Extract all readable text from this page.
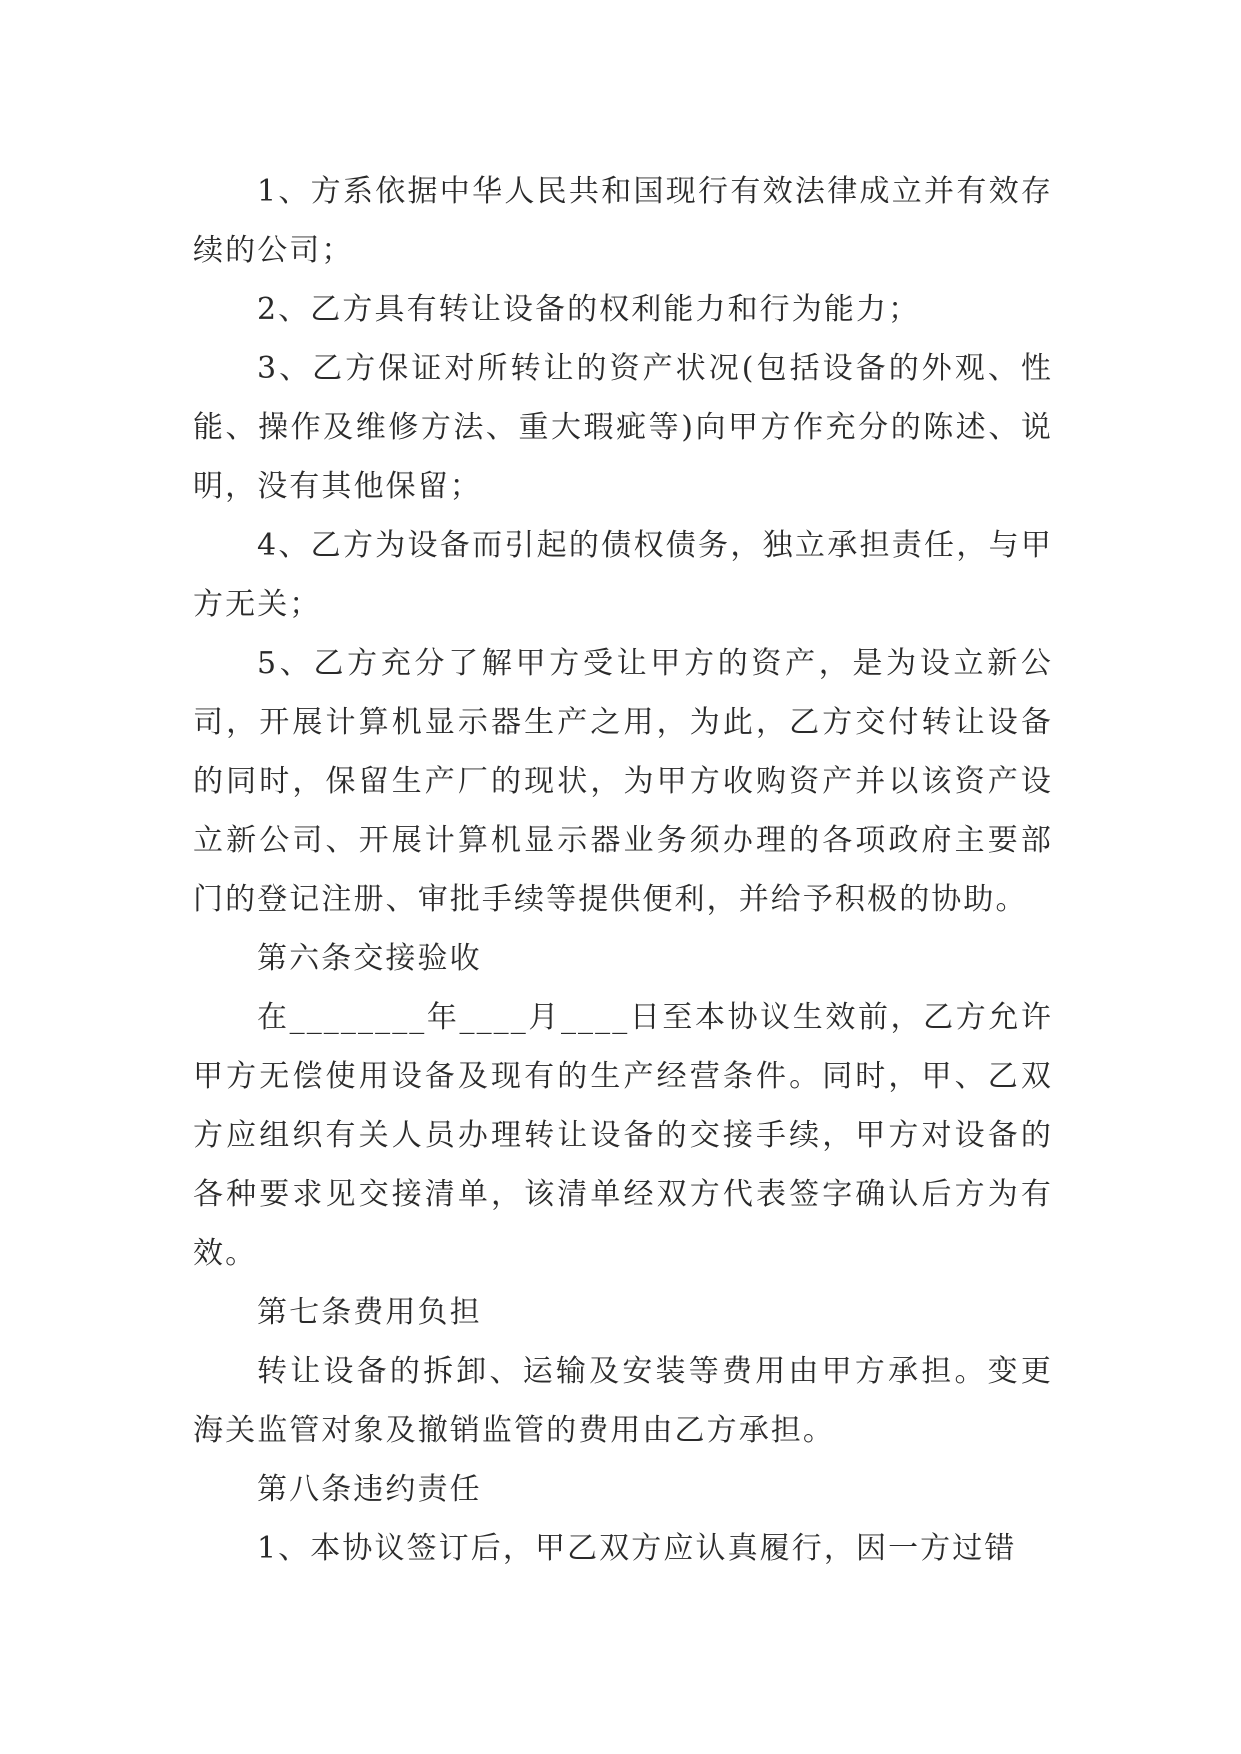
1、方系依据中华人民共和国现行有效法律成立并有效存续的公司；

2、乙方具有转让设备的权利能力和行为能力；

3、乙方保证对所转让的资产状况(包括设备的外观、性能、操作及维修方法、重大瑕疵等)向甲方作充分的陈述、说明，没有其他保留；

4、乙方为设备而引起的债权债务，独立承担责任，与甲方无关；

5、乙方充分了解甲方受让甲方的资产，是为设立新公司，开展计算机显示器生产之用，为此，乙方交付转让设备的同时，保留生产厂的现状，为甲方收购资产并以该资产设立新公司、开展计算机显示器业务须办理的各项政府主要部门的登记注册、审批手续等提供便利，并给予积极的协助。

第六条交接验收

在________年____月____日至本协议生效前，乙方允许甲方无偿使用设备及现有的生产经营条件。同时，甲、乙双方应组织有关人员办理转让设备的交接手续，甲方对设备的各种要求见交接清单，该清单经双方代表签字确认后方为有效。

第七条费用负担

转让设备的拆卸、运输及安装等费用由甲方承担。变更海关监管对象及撤销监管的费用由乙方承担。

第八条违约责任

1、本协议签订后，甲乙双方应认真履行，因一方过错
